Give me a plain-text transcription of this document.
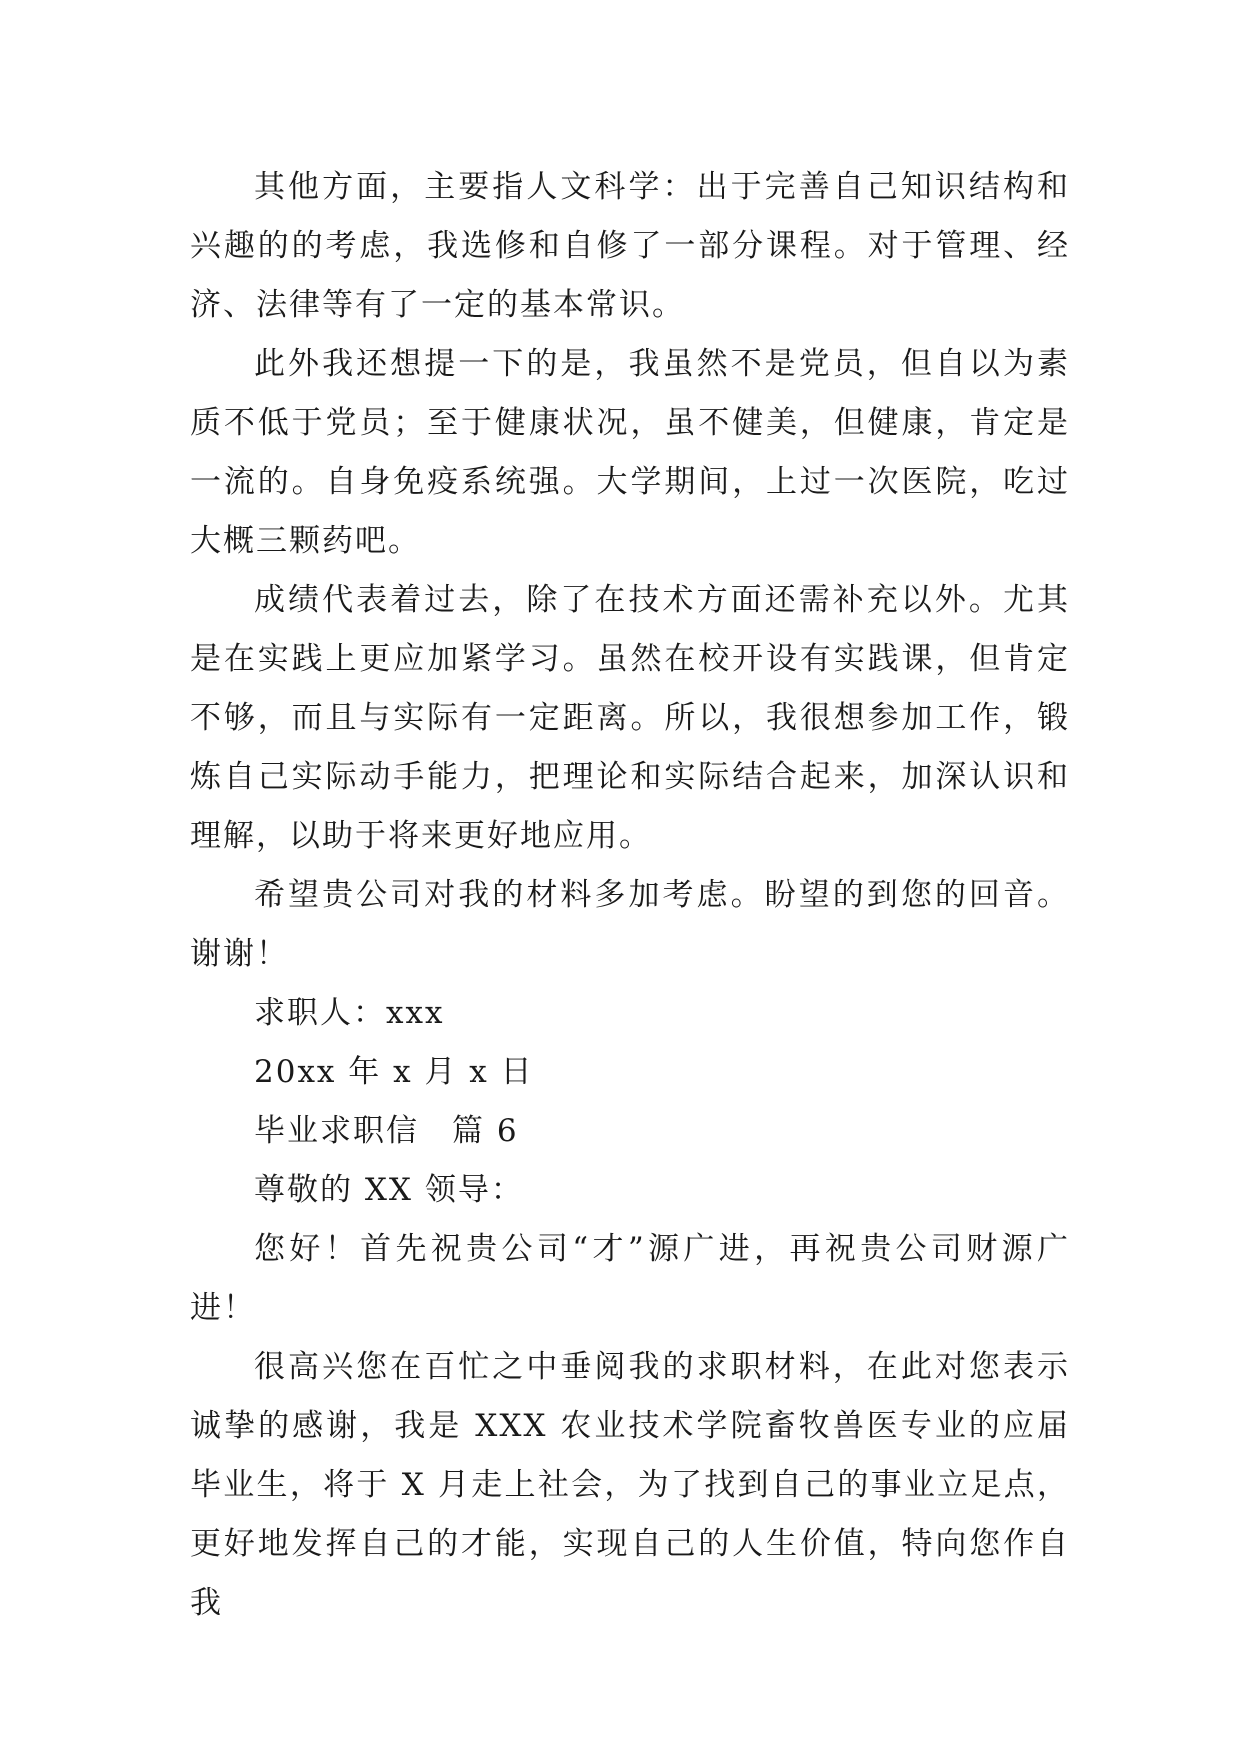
其他方面，主要指人文科学：出于完善自己知识结构和兴趣的的考虑，我选修和自修了一部分课程。对于管理、经济、法律等有了一定的基本常识。

此外我还想提一下的是，我虽然不是党员，但自以为素质不低于党员；至于健康状况，虽不健美，但健康，肯定是一流的。自身免疫系统强。大学期间，上过一次医院，吃过大概三颗药吧。

成绩代表着过去，除了在技术方面还需补充以外。尤其是在实践上更应加紧学习。虽然在校开设有实践课，但肯定不够，而且与实际有一定距离。所以，我很想参加工作，锻炼自己实际动手能力，把理论和实际结合起来，加深认识和理解，以助于将来更好地应用。

希望贵公司对我的材料多加考虑。盼望的到您的回音。谢谢！

求职人：xxx

20xx 年 x 月 x 日

毕业求职信　篇 6

尊敬的 XX 领导：

您好！首先祝贵公司“才”源广进，再祝贵公司财源广进！

很高兴您在百忙之中垂阅我的求职材料，在此对您表示诚挚的感谢，我是 XXX 农业技术学院畜牧兽医专业的应届毕业生，将于 X 月走上社会，为了找到自己的事业立足点，更好地发挥自己的才能，实现自己的人生价值，特向您作自我
